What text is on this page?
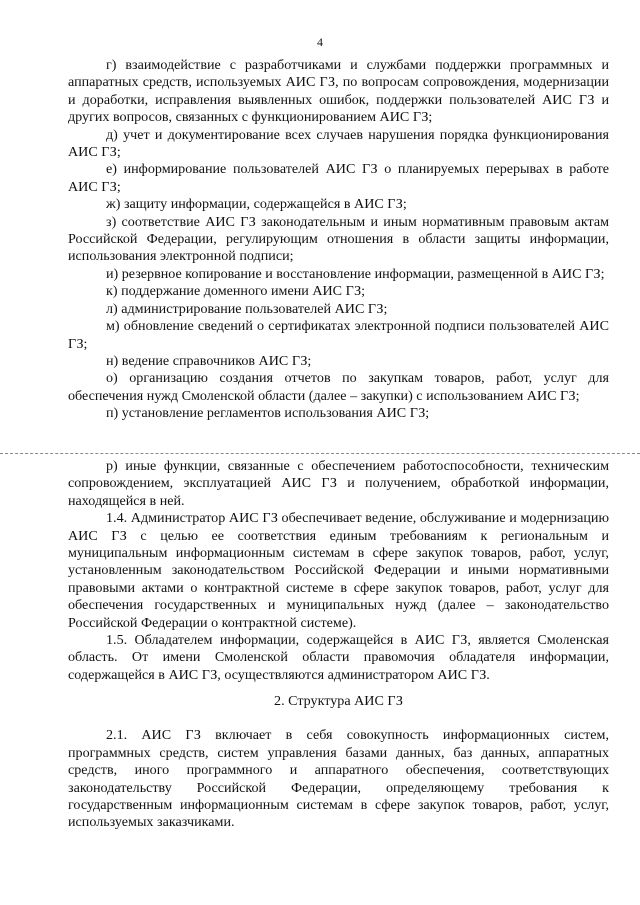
4

г) взаимодействие с разработчиками и службами поддержки программных и аппаратных средств, используемых АИС ГЗ, по вопросам сопровождения, модернизации и доработки, исправления выявленных ошибок, поддержки пользователей АИС ГЗ и других вопросов, связанных с функционированием АИС ГЗ;

д) учет и документирование всех случаев нарушения порядка функционирования АИС ГЗ;

е) информирование пользователей АИС ГЗ о планируемых перерывах в работе АИС ГЗ;

ж) защиту информации, содержащейся в АИС ГЗ;

з) соответствие АИС ГЗ законодательным и иным нормативным правовым актам Российской Федерации, регулирующим отношения в области защиты информации, использования электронной подписи;

и) резервное копирование и восстановление информации, размещенной в АИС ГЗ;

к) поддержание доменного имени АИС ГЗ;

л) администрирование пользователей АИС ГЗ;

м) обновление сведений о сертификатах электронной подписи пользователей АИС ГЗ;

н) ведение справочников АИС ГЗ;

о) организацию создания отчетов по закупкам товаров, работ, услуг для обеспечения нужд Смоленской области (далее – закупки) с использованием АИС ГЗ;

п) установление регламентов использования АИС ГЗ;

р) иные функции, связанные с обеспечением работоспособности, техническим сопровождением, эксплуатацией АИС ГЗ и получением, обработкой информации, находящейся в ней.

1.4. Администратор АИС ГЗ обеспечивает ведение, обслуживание и модернизацию АИС ГЗ с целью ее соответствия единым требованиям к региональным и муниципальным информационным системам в сфере закупок товаров, работ, услуг, установленным законодательством Российской Федерации и иными нормативными правовыми актами о контрактной системе в сфере закупок товаров, работ, услуг для обеспечения государственных и муниципальных нужд (далее – законодательство Российской Федерации о контрактной системе).

1.5. Обладателем информации, содержащейся в АИС ГЗ, является Смоленская область. От имени Смоленской области правомочия обладателя информации, содержащейся в АИС ГЗ, осуществляются администратором АИС ГЗ.

2. Структура АИС ГЗ

2.1. АИС ГЗ включает в себя совокупность информационных систем, программных средств, систем управления базами данных, баз данных, аппаратных средств, иного программного и аппаратного обеспечения, соответствующих законодательству Российской Федерации, определяющему требования к государственным информационным системам в сфере закупок товаров, работ, услуг, используемых заказчиками.
